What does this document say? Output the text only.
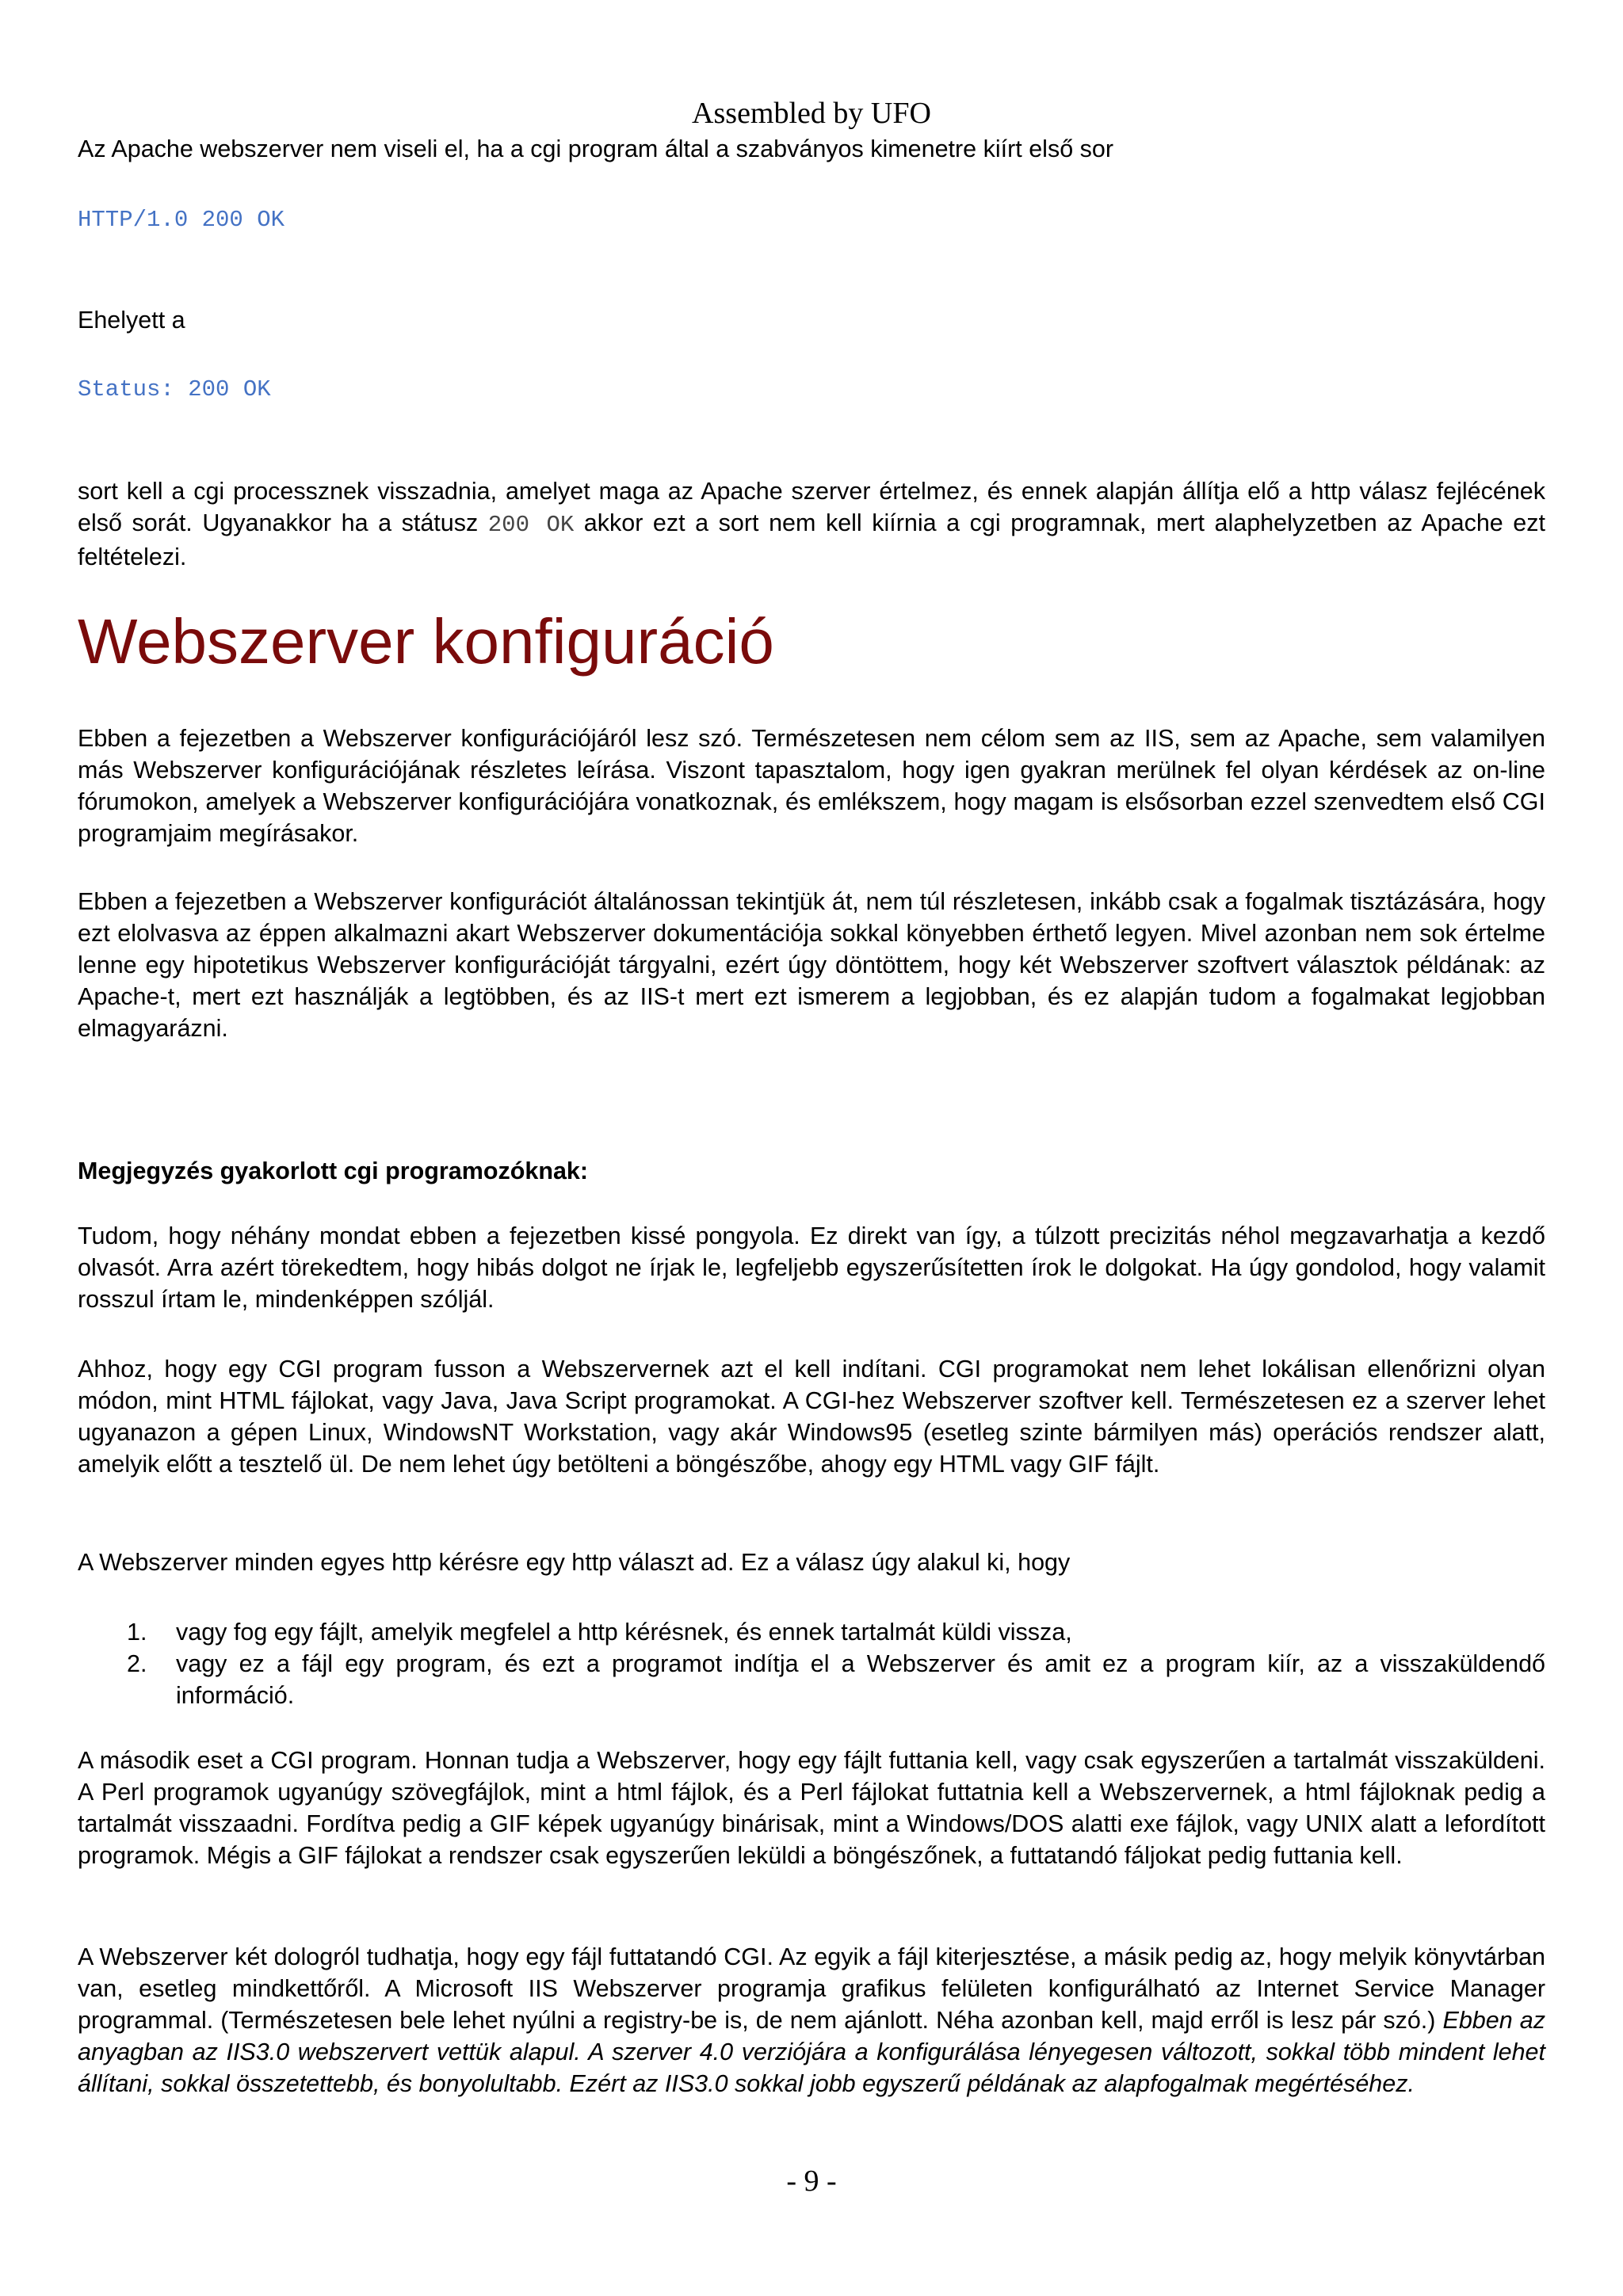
Assembled by UFO

Az Apache webszerver nem viseli el, ha a cgi program által a szabványos kimenetre kiírt első sor

HTTP/1.0 200 OK

Ehelyett a

Status: 200 OK

sort kell a cgi processznek visszadnia, amelyet maga az Apache szerver értelmez, és ennek alapján állítja elő a http válasz fejlécének első sorát. Ugyanakkor ha a státusz 200 OK akkor ezt a sort nem kell kiírnia a cgi programnak, mert alaphelyzetben az Apache ezt feltételezi.

Webszerver konfiguráció

Ebben a fejezetben a Webszerver konfigurációjáról lesz szó. Természetesen nem célom sem az IIS, sem az Apache, sem valamilyen más Webszerver konfigurációjának részletes leírása. Viszont tapasztalom, hogy igen gyakran merülnek fel olyan kérdések az on-line fórumokon, amelyek a Webszerver konfigurációjára vonatkoznak, és emlékszem, hogy magam is elsősorban ezzel szenvedtem első CGI programjaim megírásakor.

Ebben a fejezetben a Webszerver konfigurációt általánossan tekintjük át, nem túl részletesen, inkább csak a fogalmak tisztázására, hogy ezt elolvasva az éppen alkalmazni akart Webszerver dokumentációja sokkal könyebben érthető legyen. Mivel azonban nem sok értelme lenne egy hipotetikus Webszerver konfigurációját tárgyalni, ezért úgy döntöttem, hogy két Webszerver szoftvert választok példának: az Apache-t, mert ezt használják a legtöbben, és az IIS-t mert ezt ismerem a legjobban, és ez alapján tudom a fogalmakat legjobban elmagyarázni.

Megjegyzés gyakorlott cgi programozóknak:

Tudom, hogy néhány mondat ebben a fejezetben kissé pongyola. Ez direkt van így, a túlzott precizitás néhol megzavarhatja a kezdő olvasót. Arra azért törekedtem, hogy hibás dolgot ne írjak le, legfeljebb egyszerűsítetten írok le dolgokat. Ha úgy gondolod, hogy valamit rosszul írtam le, mindenképpen szóljál.

Ahhoz, hogy egy CGI program fusson a Webszervernek azt el kell indítani. CGI programokat nem lehet lokálisan ellenőrizni olyan módon, mint HTML fájlokat, vagy Java, Java Script programokat. A CGI-hez Webszerver szoftver kell. Természetesen ez a szerver lehet ugyanazon a gépen Linux, WindowsNT Workstation, vagy akár Windows95 (esetleg szinte bármilyen más) operációs rendszer alatt, amelyik előtt a tesztelő ül. De nem lehet úgy betölteni a böngészőbe, ahogy egy HTML vagy GIF fájlt.

A Webszerver minden egyes http kérésre egy http választ ad. Ez a válasz úgy alakul ki, hogy

1. vagy fog egy fájlt, amelyik megfelel a http kérésnek, és ennek tartalmát küldi vissza,
2. vagy ez a fájl egy program, és ezt a programot indítja el a Webszerver és amit ez a program kiír, az a visszaküldendő információ.

A második eset a CGI program. Honnan tudja a Webszerver, hogy egy fájlt futtania kell, vagy csak egyszerűen a tartalmát visszaküldeni. A Perl programok ugyanúgy szövegfájlok, mint a html fájlok, és a Perl fájlokat futtatnia kell a Webszervernek, a html fájloknak pedig a tartalmát visszaadni. Fordítva pedig a GIF képek ugyanúgy binárisak, mint a Windows/DOS alatti exe fájlok, vagy UNIX alatt a lefordított programok. Mégis a GIF fájlokat a rendszer csak egyszerűen leküldi a böngészőnek, a futtatandó fáljokat pedig futtania kell.

A Webszerver két dologról tudhatja, hogy egy fájl futtatandó CGI. Az egyik a fájl kiterjesztése, a másik pedig az, hogy melyik könyvtárban van, esetleg mindkettőről. A Microsoft IIS Webszerver programja grafikus felületen konfigurálható az Internet Service Manager programmal. (Természetesen bele lehet nyúlni a registry-be is, de nem ajánlott. Néha azonban kell, majd erről is lesz pár szó.) Ebben az anyagban az IIS3.0 webszervert vettük alapul. A szerver 4.0 verziójára a konfigurálása lényegesen változott, sokkal több mindent lehet állítani, sokkal összetettebb, és bonyolultabb. Ezért az IIS3.0 sokkal jobb egyszerű példának az alapfogalmak megértéséhez.

- 9 -
